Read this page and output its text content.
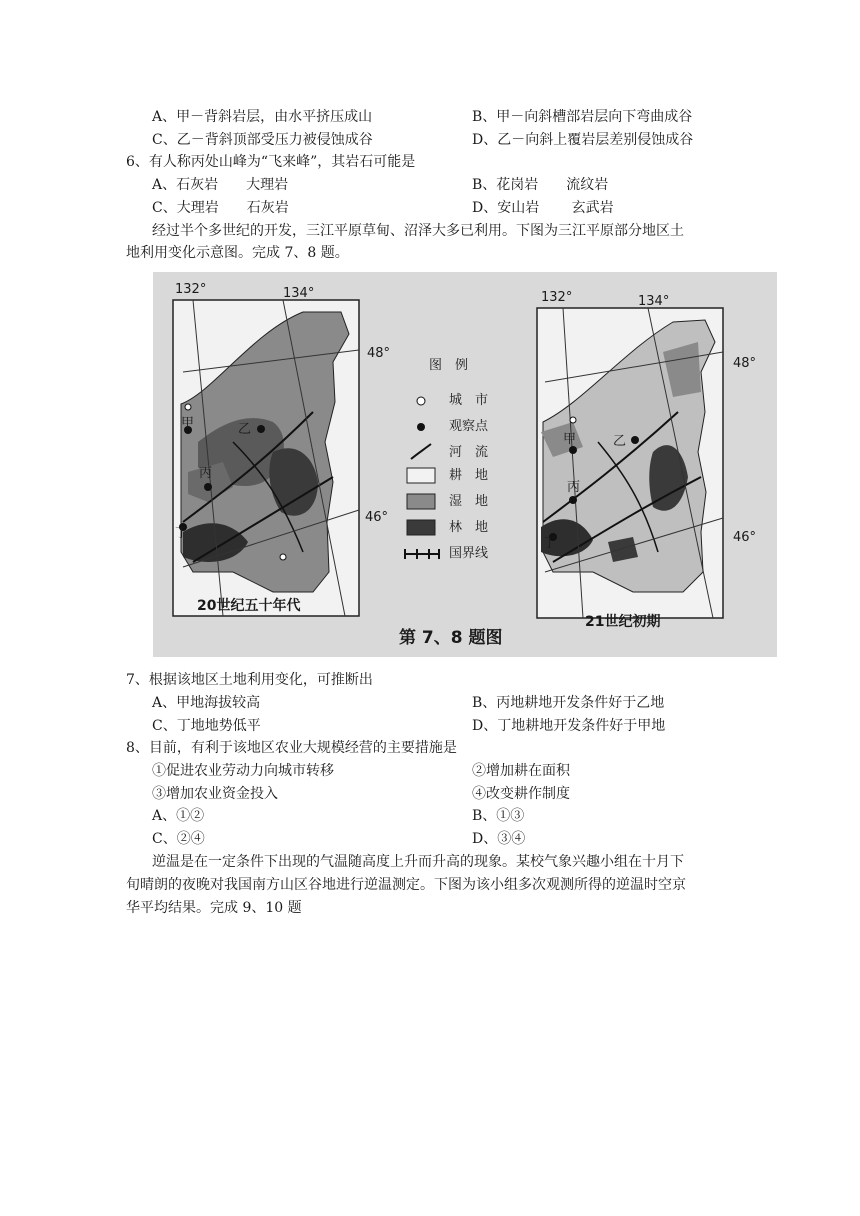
A、甲－背斜岩层，由水平挤压成山	B、甲－向斜槽部岩层向下弯曲成谷
C、乙－背斜顶部受压力被侵蚀成谷	D、乙－向斜上覆岩层差别侵蚀成谷
6、有人称丙处山峰为“飞来峰”，其岩石可能是
A、石灰岩　　大理岩	B、花岗岩　　流纹岩
C、大理岩　　石灰岩	D、安山岩　　 玄武岩
经过半个多世纪的开发，三江平原草甸、沼泽大多已利用。下图为三江平原部分地区土
地利用变化示意图。完成 7、8 题。
132°	134°
48°
46°
甲	乙
丙
丁
20世纪五十年代
132°	134°
48°
46°
甲	乙
丙
丁
21世纪初期
图　例
城　市
观察点
河　流
耕　地
湿　地
林　地
国界线
第 7、8 题图
7、根据该地区土地利用变化，可推断出
A、甲地海拔较高	B、丙地耕地开发条件好于乙地
C、丁地地势低平	D、丁地耕地开发条件好于甲地
8、目前，有利于该地区农业大规模经营的主要措施是
①促进农业劳动力向城市转移	②增加耕在面积
③增加农业资金投入	④改变耕作制度
A、①②	B、①③
C、②④	D、③④
逆温是在一定条件下出现的气温随高度上升而升高的现象。某校气象兴趣小组在十月下
旬晴朗的夜晚对我国南方山区谷地进行逆温测定。下图为该小组多次观测所得的逆温时空京
华平均结果。完成 9、10 题
